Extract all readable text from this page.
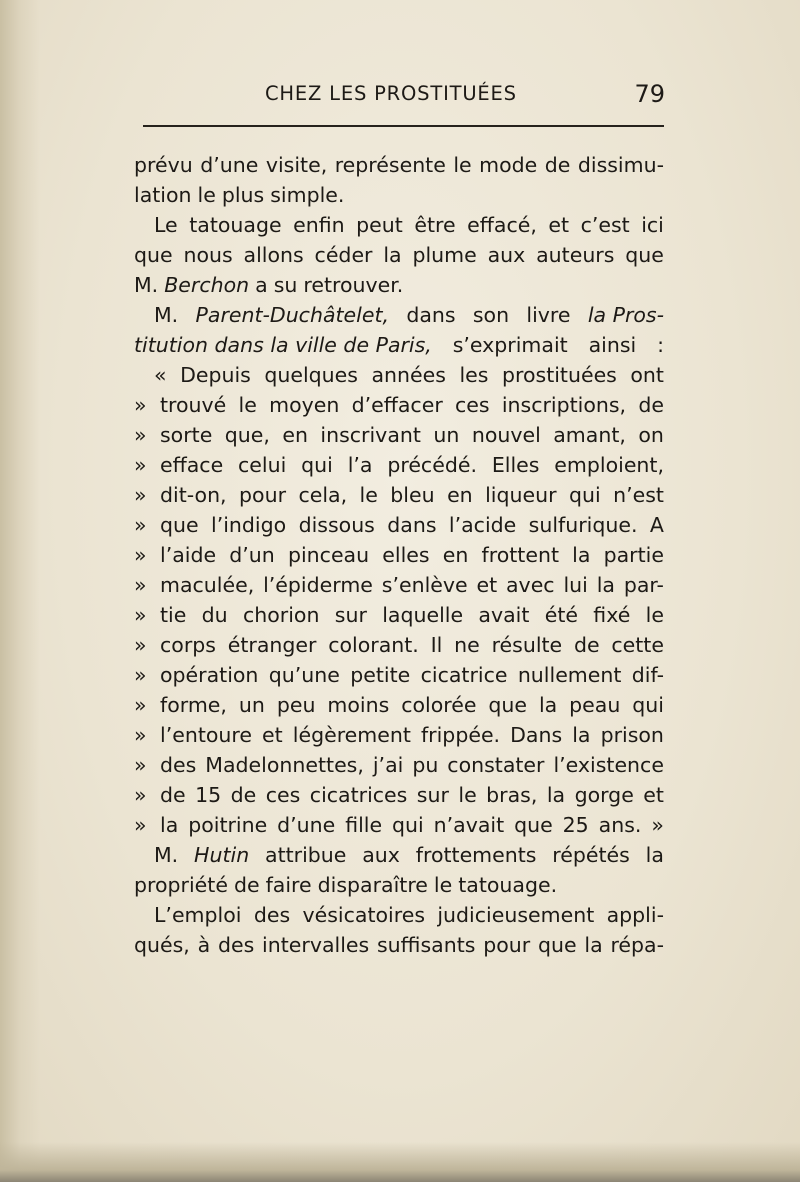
CHEZ LES PROSTITUÉES	79
prévu d’une visite, représente le mode de dissimu-
lation le plus simple.
Le tatouage enfin peut être effacé, et c’est ici
que nous allons céder la plume aux auteurs que
M. Berchon a su retrouver.
M. Parent-Duchâtelet, dans son livre la Pros-
titution dans la ville de Paris, s’exprimait ainsi :
« Depuis quelques années les prostituées ont
» trouvé le moyen d’effacer ces inscriptions, de
» sorte que, en inscrivant un nouvel amant, on
» efface celui qui l’a précédé. Elles emploient,
» dit-on, pour cela, le bleu en liqueur qui n’est
» que l’indigo dissous dans l’acide sulfurique. A
» l’aide d’un pinceau elles en frottent la partie
» maculée, l’épiderme s’enlève et avec lui la par-
» tie du chorion sur laquelle avait été fixé le
» corps étranger colorant. Il ne résulte de cette
» opération qu’une petite cicatrice nullement dif-
» forme, un peu moins colorée que la peau qui
» l’entoure et légèrement frippée. Dans la prison
» des Madelonnettes, j’ai pu constater l’existence
» de 15 de ces cicatrices sur le bras, la gorge et
» la poitrine d’une fille qui n’avait que 25 ans. »
M. Hutin attribue aux frottements répétés la
propriété de faire disparaître le tatouage.
L’emploi des vésicatoires judicieusement appli-
qués, à des intervalles suffisants pour que la répa-
